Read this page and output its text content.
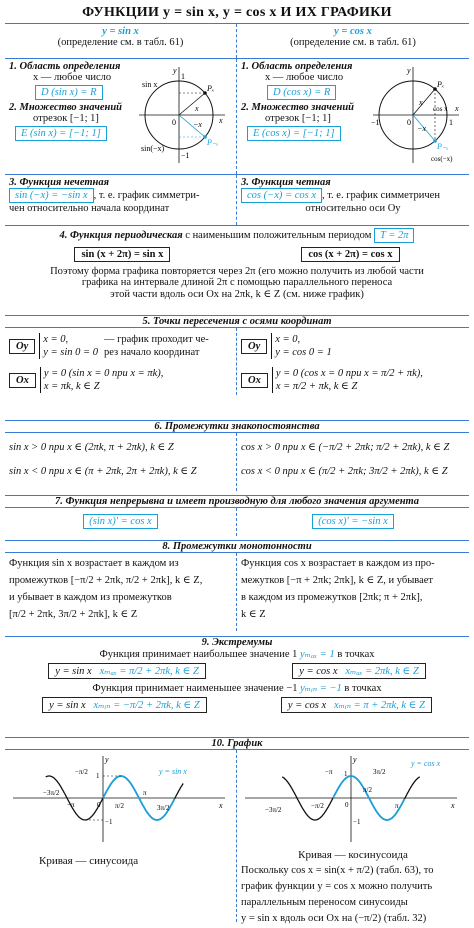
ФУНКЦИИ y = sin x, y = cos x И ИХ ГРАФИКИ
y = sin x
(определение см. в табл. 61)
y = cos x
(определение см. в табл. 61)
1. Область определения
x — любое число
D (sin x) = R
2. Множество значений
отрезок [−1; 1]
E (sin x) = [−1; 1]
sin x
sin(−x)
1
−1
0
x
−x
Pₓ
P₋ₓ
y
x
1. Область определения
x — любое число
D (cos x) = R
2. Множество значений
отрезок [−1; 1]
E (cos x) = [−1; 1]
cos x
cos(−x)
1
−1	0
x
−x
Pₓ
P₋ₓ
y
x
3. Функция нечетная
sin (−x) = −sin x , т. е. график симметри-
чен относительно начала координат
3. Функция четная
cos (−x) = cos x , т. е. график симметричен
относительно оси Oy
4. Функция периодическая с наименьшим положительным периодом T = 2π
sin (x + 2π) = sin x	cos (x + 2π) = cos x
Поэтому форма графика повторяется через 2π (его можно получить из любой части
графика на интервале длиной 2π с помощью параллельного переноса
этой части вдоль оси Ox на 2πk, k ∈ Z (см. ниже график)
5. Точки пересечения с осями координат
Oy
x = 0,
y = sin 0 = 0
— график проходит че-
рез начало координат
Ox
y = 0 (sin x = 0 при x = πk),
x = πk, k ∈ Z
Oy
x = 0,
y = cos 0 = 1
Ox
y = 0 (cos x = 0 при x = π/2 + πk),
x = π/2 + πk, k ∈ Z
6. Промежутки знакопостоянства
sin x > 0 при x ∈ (2πk, π + 2πk), k ∈ Z
sin x < 0 при x ∈ (π + 2πk, 2π + 2πk), k ∈ Z
cos x > 0 при x ∈ (−π/2 + 2πk; π/2 + 2πk), k ∈ Z
cos x < 0 при x ∈ (π/2 + 2πk; 3π/2 + 2πk), k ∈ Z
7. Функция непрерывна и имеет производную для любого значения аргумента
(sin x)′ = cos x	(cos x)′ = −sin x
8. Промежутки монотонности
Функция sin x возрастает в каждом из
промежутков [−π/2 + 2πk, π/2 + 2πk], k ∈ Z,
и убывает в каждом из промежутков
[π/2 + 2πk, 3π/2 + 2πk], k ∈ Z
Функция cos x возрастает в каждом из про-
межутков [−π + 2πk; 2πk], k ∈ Z, и убывает
в каждом из промежутков [2πk; π + 2πk],
k ∈ Z
9. Экстремумы
Функция принимает наибольшее значение 1 yₘₐₓ = 1 в точках
y = sin x xₘₐₓ = π/2 + 2πk, k ∈ Z	y = cos x xₘₐₓ = 2πk, k ∈ Z
Функция принимает наименьшее значение −1 yₘᵢₙ = −1 в точках
y = sin x xₘᵢₙ = −π/2 + 2πk, k ∈ Z	y = cos x xₘᵢₙ = π + 2πk, k ∈ Z
10. График
y
x
1
−1
0
−π/2
π/2
−π
π
3π/2
−3π/2
y = sin x
Кривая — синусоида
y
x
1
−1
0
−π/2
π/2
−π
π
3π/2
−3π/2
y = cos x
Кривая — косинусоида
Поскольку cos x = sin(x + π/2) (табл. 63), то
график функции y = cos x можно получить
параллельным переносом синусоиды
y = sin x вдоль оси Ox на (−π/2) (табл. 32)
